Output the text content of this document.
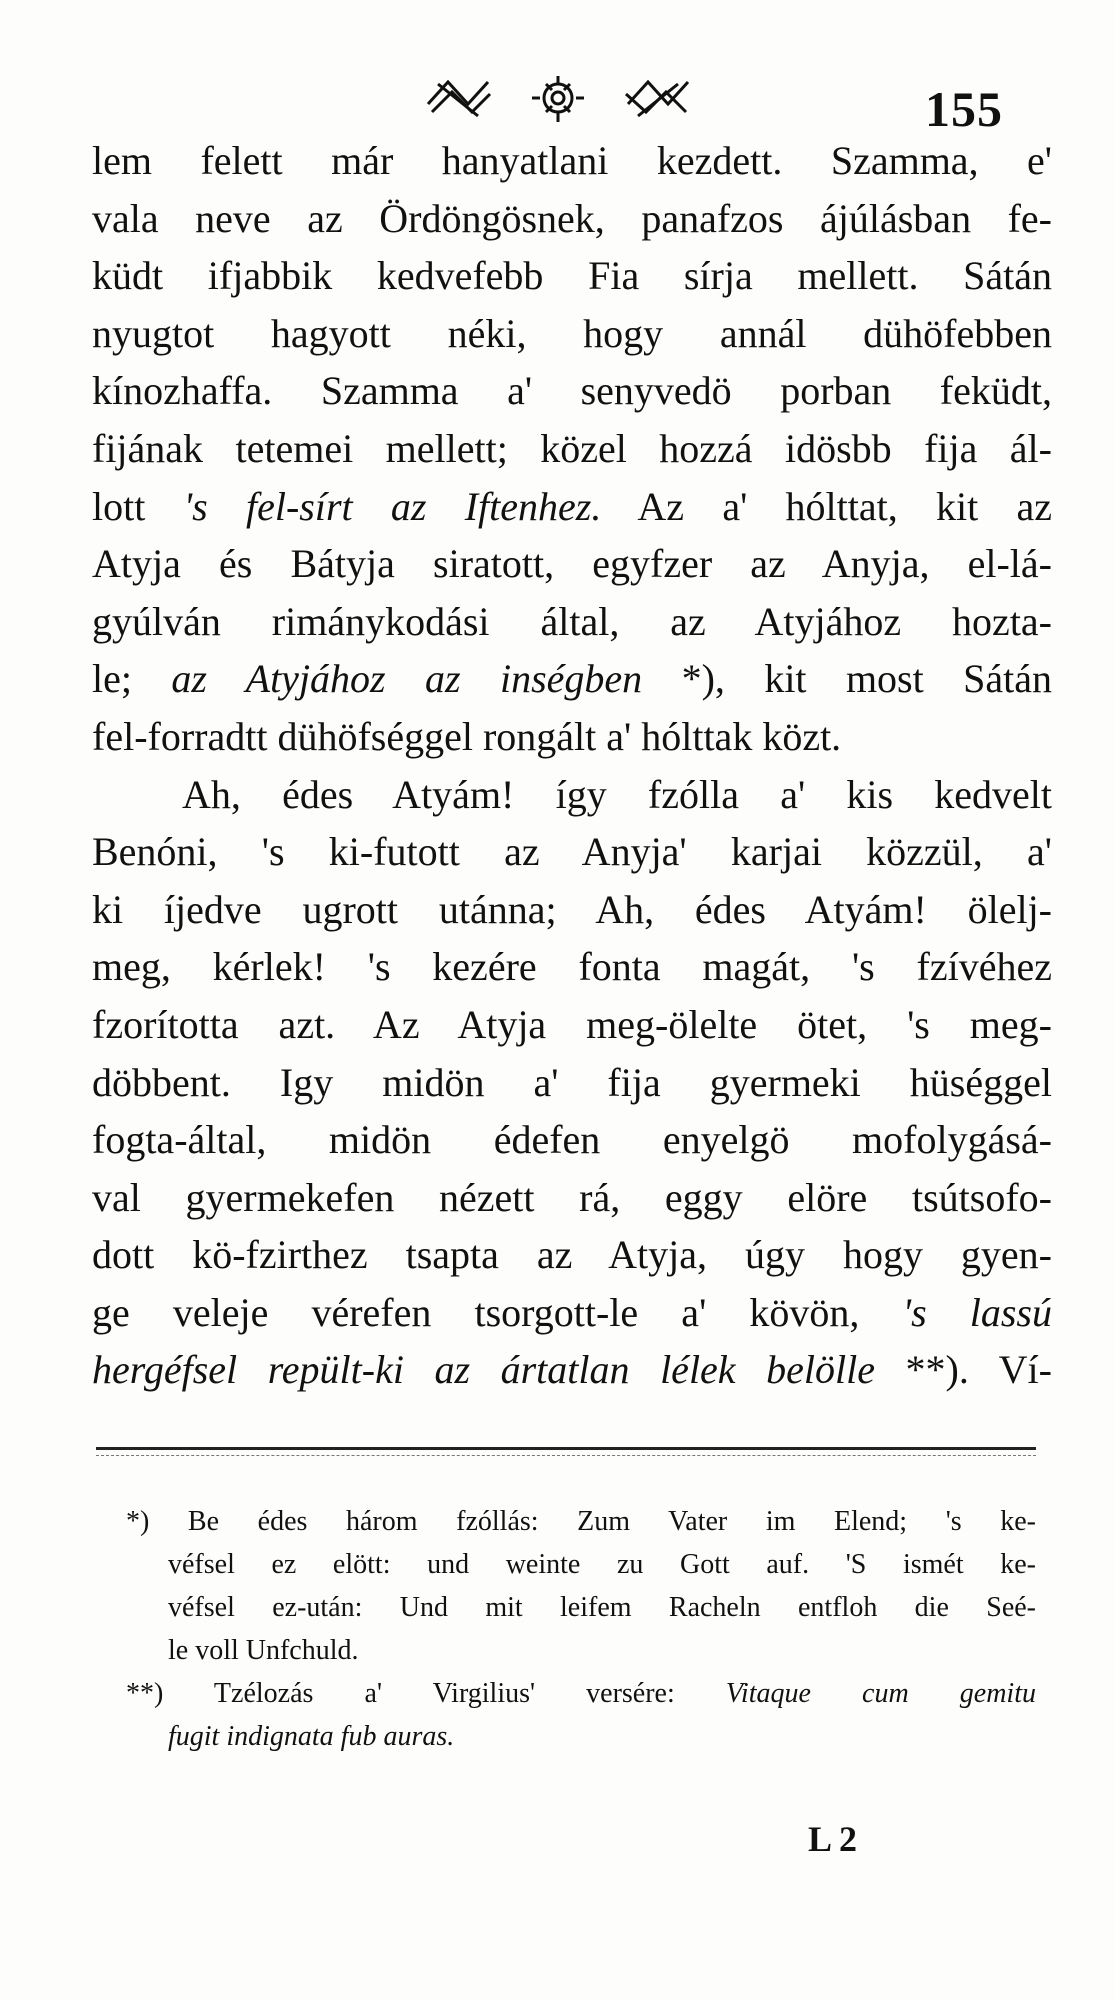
155
lem felett már hanyatlani kezdett. Szamma, e'
vala neve az Ördöngösnek, panafzos ájúlásban fe-
küdt ifjabbik kedvefebb Fia sírja mellett. Sátán
nyugtot hagyott néki, hogy annál dühöfebben
kínozhaffa. Szamma a' senyvedö porban feküdt,
fijának tetemei mellett; közel hozzá idösbb fija ál-
lott 's fel-sírt az Iftenhez. Az a' hólttat, kit az
Atyja és Bátyja siratott, egyfzer az Anyja, el-lá-
gyúlván rimánykodási által, az Atyjához hozta-
le; az Atyjához az inségben *), kit most Sátán
fel-forradtt dühöfséggel rongált a' hólttak közt.
Ah, édes Atyám! így fzólla a' kis kedvelt
Benóni, 's ki-futott az Anyja' karjai közzül, a'
ki íjedve ugrott utánna; Ah, édes Atyám! ölelj-
meg, kérlek! 's kezére fonta magát, 's fzívéhez
fzorította azt. Az Atyja meg-ölelte ötet, 's meg-
döbbent. Igy midön a' fija gyermeki hüséggel
fogta-által, midön édefen enyelgö mofolygásá-
val gyermekefen nézett rá, eggy elöre tsútsofo-
dott kö-fzirthez tsapta az Atyja, úgy hogy gyen-
ge veleje vérefen tsorgott-le a' kövön, 's lassú
hergéfsel repült-ki az ártatlan lélek belölle **). Ví-
*) Be édes három fzóllás: Zum Vater im Elend; 's ke-
véfsel ez elött: und weinte zu Gott auf. 'S ismét ke-
véfsel ez-után: Und mit leifem Racheln entfloh die Seé-
le voll Unfchuld.
**) Tzélozás a' Virgilius' versére: Vitaque cum gemitu
fugit indignata fub auras.
L 2
